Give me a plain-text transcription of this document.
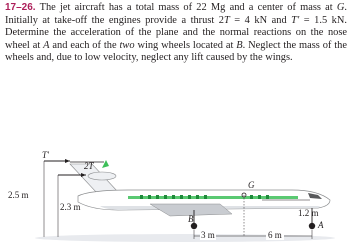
17–26. The jet aircraft has a total mass of 22 Mg and a center of mass at G. Initially at take-off the engines provide a thrust 2T = 4 kN and T′ = 1.5 kN. Determine the acceleration of the plane and the normal reactions on the nose wheel at A and each of the two wing wheels located at B. Neglect the mass of the wheels and, due to low velocity, neglect any lift caused by the wings.
T′
2T
2.5 m
2.3 m
G
1.2 m
B
A
3 m	6 m
